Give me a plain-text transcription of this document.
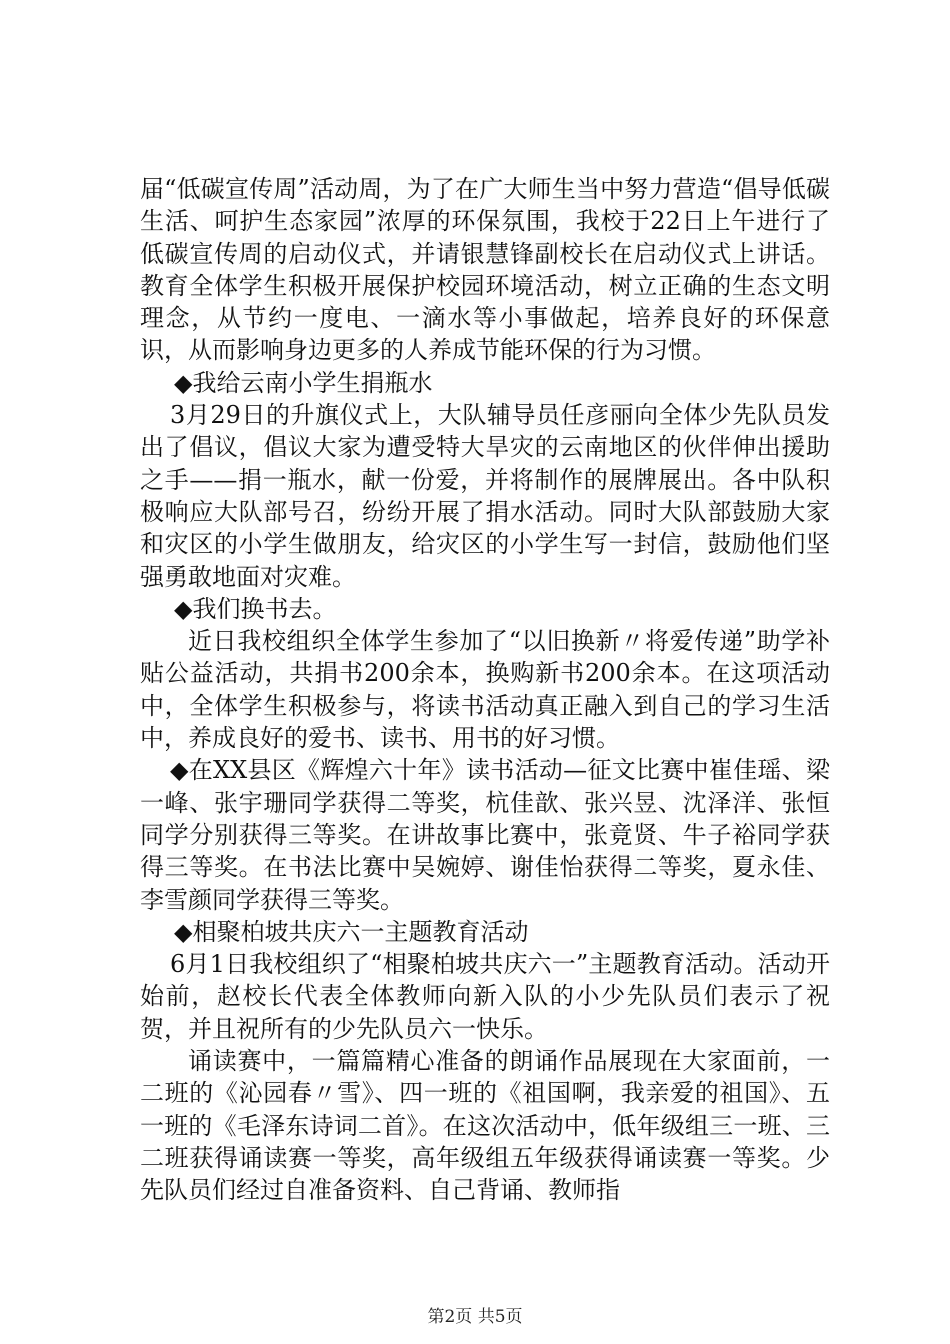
届“低碳宣传周”活动周，为了在广大师生当中努力营造“倡导低碳生活、呵护生态家园”浓厚的环保氛围，我校于22日上午进行了低碳宣传周的启动仪式，并请银慧锋副校长在启动仪式上讲话。教育全体学生积极开展保护校园环境活动，树立正确的生态文明理念，从节约一度电、一滴水等小事做起，培养良好的环保意识，从而影响身边更多的人养成节能环保的行为习惯。

◆我给云南小学生捐瓶水

3月29日的升旗仪式上，大队辅导员任彦丽向全体少先队员发出了倡议，倡议大家为遭受特大旱灾的云南地区的伙伴伸出援助之手——捐一瓶水，献一份爱，并将制作的展牌展出。各中队积极响应大队部号召，纷纷开展了捐水活动。同时大队部鼓励大家和灾区的小学生做朋友，给灾区的小学生写一封信，鼓励他们坚强勇敢地面对灾难。

◆我们换书去。

近日我校组织全体学生参加了“以旧换新〃将爱传递”助学补贴公益活动，共捐书200余本，换购新书200余本。在这项活动中，全体学生积极参与，将读书活动真正融入到自己的学习生活中，养成良好的爱书、读书、用书的好习惯。

◆在XX县区《辉煌六十年》读书活动—征文比赛中崔佳瑶、梁一峰、张宇珊同学获得二等奖，杭佳歆、张兴昱、沈泽洋、张恒同学分别获得三等奖。在讲故事比赛中，张竟贤、牛子裕同学获得三等奖。在书法比赛中吴婉婷、谢佳怡获得二等奖，夏永佳、李雪颜同学获得三等奖。

◆相聚柏坡共庆六一主题教育活动

6月1日我校组织了“相聚柏坡共庆六一”主题教育活动。活动开始前，赵校长代表全体教师向新入队的小少先队员们表示了祝贺，并且祝所有的少先队员六一快乐。

诵读赛中，一篇篇精心准备的朗诵作品展现在大家面前，一二班的《沁园春〃雪》、四一班的《祖国啊，我亲爱的祖国》、五一班的《毛泽东诗词二首》。在这次活动中，低年级组三一班、三二班获得诵读赛一等奖，高年级组五年级获得诵读赛一等奖。少先队员们经过自准备资料、自己背诵、教师指

第2页 共5页
